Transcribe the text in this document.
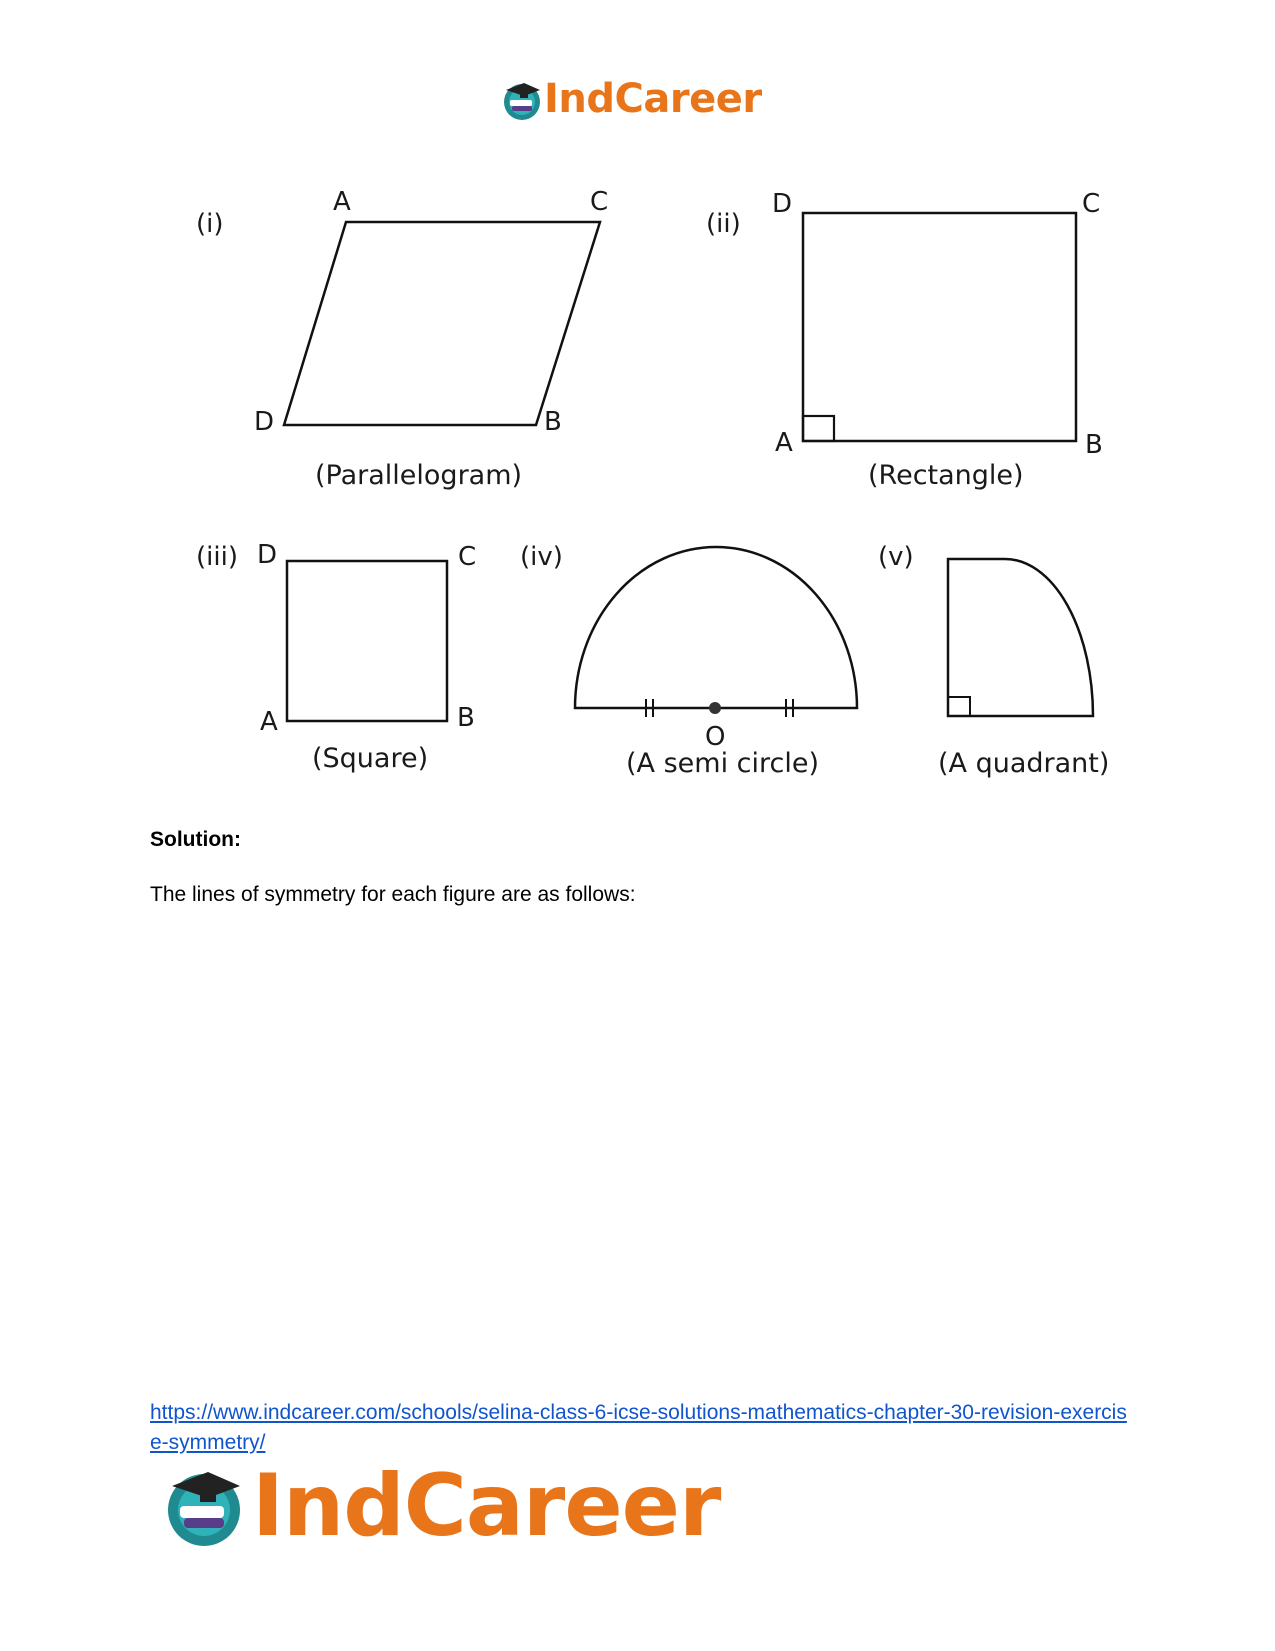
IndCareer
(i)
A	C
D	B
(Parallelogram)
(ii)
D	C
A	B
(Rectangle)
(iii) D	C
A	B
(Square)
(iv)
O
(A semi circle)
(v)
(A quadrant)
Solution:
The lines of symmetry for each figure are as follows:
https://www.indcareer.com/schools/selina-class-6-icse-solutions-mathematics-chapter-30-revision-exercise-symmetry/
IndCareer
